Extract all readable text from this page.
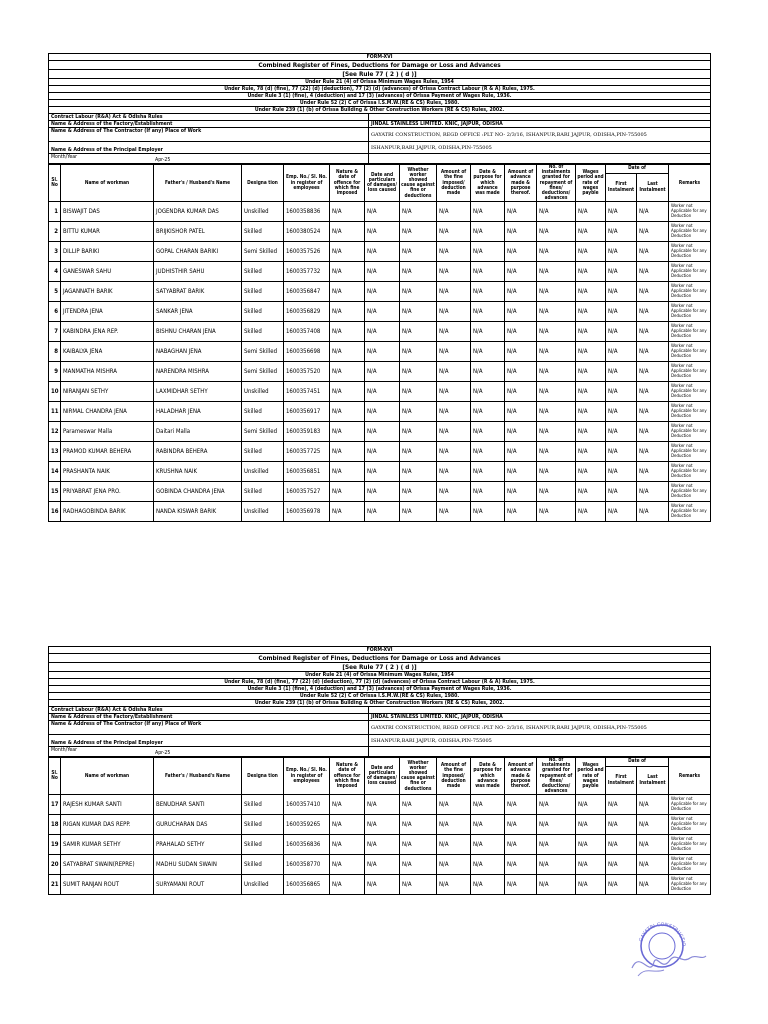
FORM-XVI	
Combined Register of Fines, Deductions for Damage or Loss and Advances	
[See Rule 77 ( 2 ) ( d )]	
Under Rule 21 (4) of Orissa Minimum Wages Rules, 1954	
Under Rule, 78 (d) (fine), 77 (22) (d) (deduction), 77 (2) (d) (advances) of Orissa Contract Labour (R & A) Rules, 1975.	
Under Rule 3 (1) (fine), 4 (deduction) and 17 (3) (advances) of Orissa Payment of Wages Rule, 1936.	
Under Rule 52 (2) C of Orissa I.S.M.W.(RE & CS) Rules, 1980.	
Under Rule 239 (1) (b) of Orissa Building & Other Construction Workers (RE & CS) Rules, 2002.	
Contract Labour (R&A) Act & Odisha Rules	
Name & Address of the Factory/Establishment	JINDAL STAINLESS LIMITED. KNIC, JAJPUR, ODISHA
Name & Address of The Contractor (If any) Place of Work	GAYATRI CONSTRUCTION, REGD OFFICE :PLT NO- 2/3/16, ISHANPUR,BARI JAJPUR, ODISHA,PIN-755005
Name & Address of the Principal Employer	ISHANPUR,BARI JAJPUR, ODISHA,PIN-755005

Month/Year Apr-25	

Sl. No	Name of workman	Father's / Husband's Name	Designa tion	Emp. No./ Sl. No. in register of employees	Nature & date of offence for which fine imposed	Date and particulars of damages/ loss caused	Whether worker showed cause against fine or deductions	Amount of the fine imposed/ deduction made	Date & purpose for which advance was made	Amount of advance made & purpose thereof.	No. of instalments granted for repayment of fines/ deductions/ advances	Wages period and rate of wages payble	Date of		Remarks
													First Instalment	Last Instalment	
1	BISWAJIT DAS	JOGENDRA KUMAR DAS	Unskilled	1600358836	N/A	N/A	N/A	N/A	N/A	N/A	N/A	N/A	N/A	N/A	Worker not Applicable for any Deduction
2	BITTU KUMAR	BRIJKISHOR PATEL	Skilled	1600380524	N/A	N/A	N/A	N/A	N/A	N/A	N/A	N/A	N/A	N/A	Worker not Applicable for any Deduction
3	DILLIP BARIKI	GOPAL CHARAN BARIKI	Semi Skilled	1600357526	N/A	N/A	N/A	N/A	N/A	N/A	N/A	N/A	N/A	N/A	Worker not Applicable for any Deduction
4	GANESWAR SAHU	JUDHISTHIR SAHU	Skilled	1600357732	N/A	N/A	N/A	N/A	N/A	N/A	N/A	N/A	N/A	N/A	Worker not Applicable for any Deduction
5	JAGANNATH BARIK	SATYABRAT BARIK	Skilled	1600356847	N/A	N/A	N/A	N/A	N/A	N/A	N/A	N/A	N/A	N/A	Worker not Applicable for any Deduction
6	JITENDRA JENA	SANKAR JENA	Skilled	1600356829	N/A	N/A	N/A	N/A	N/A	N/A	N/A	N/A	N/A	N/A	Worker not Applicable for any Deduction
7	KABINDRA JENA REP.	BISHNU CHARAN JENA	Skilled	1600357408	N/A	N/A	N/A	N/A	N/A	N/A	N/A	N/A	N/A	N/A	Worker not Applicable for any Deduction
8	KAIBALYA JENA	NABAGHAN JENA	Semi Skilled	1600356698	N/A	N/A	N/A	N/A	N/A	N/A	N/A	N/A	N/A	N/A	Worker not Applicable for any Deduction
9	MANMATHA MISHRA	NARENDRA MISHRA	Semi Skilled	1600357520	N/A	N/A	N/A	N/A	N/A	N/A	N/A	N/A	N/A	N/A	Worker not Applicable for any Deduction
10	NIRANJAN SETHY	LAXMIDHAR SETHY	Unskilled	1600357451	N/A	N/A	N/A	N/A	N/A	N/A	N/A	N/A	N/A	N/A	Worker not Applicable for any Deduction
11	NIRMAL CHANDRA JENA	HALADHAR JENA	Skilled	1600356917	N/A	N/A	N/A	N/A	N/A	N/A	N/A	N/A	N/A	N/A	Worker not Applicable for any Deduction
12	Parameswar Malla	Daitari Malla	Semi Skilled	1600359183	N/A	N/A	N/A	N/A	N/A	N/A	N/A	N/A	N/A	N/A	Worker not Applicable for any Deduction
13	PRAMOD KUMAR BEHERA	RABINDRA BEHERA	Skilled	1600357725	N/A	N/A	N/A	N/A	N/A	N/A	N/A	N/A	N/A	N/A	Worker not Applicable for any Deduction
14	PRASHANTA NAIK	KRUSHNA NAIK	Unskilled	1600356851	N/A	N/A	N/A	N/A	N/A	N/A	N/A	N/A	N/A	N/A	Worker not Applicable for any Deduction
15	PRIYABRAT JENA PRO.	GOBINDA CHANDRA JENA	Skilled	1600357527	N/A	N/A	N/A	N/A	N/A	N/A	N/A	N/A	N/A	N/A	Worker not Applicable for any Deduction
16	RADHAGOBINDA BARIK	NANDA KISWAR BARIK	Unskilled	1600356978	N/A	N/A	N/A	N/A	N/A	N/A	N/A	N/A	N/A	N/A	Worker not Applicable for any Deduction
FORM-XVI	
Combined Register of Fines, Deductions for Damage or Loss and Advances	
[See Rule 77 ( 2 ) ( d )]	
Under Rule 21 (4) of Orissa Minimum Wages Rules, 1954	
Under Rule, 78 (d) (fine), 77 (22) (d) (deduction), 77 (2) (d) (advances) of Orissa Contract Labour (R & A) Rules, 1975.	
Under Rule 3 (1) (fine), 4 (deduction) and 17 (3) (advances) of Orissa Payment of Wages Rule, 1936.	
Under Rule 52 (2) C of Orissa I.S.M.W.(RE & CS) Rules, 1980.	
Under Rule 239 (1) (b) of Orissa Building & Other Construction Workers (RE & CS) Rules, 2002.	
Contract Labour (R&A) Act & Odisha Rules	
Name & Address of the Factory/Establishment	JINDAL STAINLESS LIMITED. KNIC, JAJPUR, ODISHA
Name & Address of The Contractor (If any) Place of Work	GAYATRI CONSTRUCTION, REGD OFFICE :PLT NO- 2/3/16, ISHANPUR,BARI JAJPUR, ODISHA,PIN-755005
Name & Address of the Principal Employer	ISHANPUR,BARI JAJPUR, ODISHA,PIN-755005

Month/Year Apr-25	

Sl. No	Name of workman	Father's / Husband's Name	Designa tion	Emp. No./ Sl. No. in register of employees	Nature & date of offence for which fine imposed	Date and particulars of damages/ loss caused	Whether worker showed cause against fine or deductions	Amount of the fine imposed/ deduction made	Date & purpose for which advance was made	Amount of advance made & purpose thereof.	No. of instalments granted for repayment of fines/ deductions/ advances	Wages period and rate of wages payble	Date of		Remarks
													First Instalment	Last Instalment	
17	RAJESH KUMAR SANTI	BENUDHAR SANTI	Skilled	1600357410	N/A	N/A	N/A	N/A	N/A	N/A	N/A	N/A	N/A	N/A	Worker not Applicable for any Deduction
18	RIGAN KUMAR DAS REPP.	GURUCHARAN DAS	Skilled	1600359265	N/A	N/A	N/A	N/A	N/A	N/A	N/A	N/A	N/A	N/A	Worker not Applicable for any Deduction
19	SAMIR KUMAR SETHY	PRAHALAD SETHY	Skilled	1600356836	N/A	N/A	N/A	N/A	N/A	N/A	N/A	N/A	N/A	N/A	Worker not Applicable for any Deduction
20	SATYABRAT SWAIN(REPRE)	MADHU SUDAN SWAIN	Skilled	1600358770	N/A	N/A	N/A	N/A	N/A	N/A	N/A	N/A	N/A	N/A	Worker not Applicable for any Deduction
21	SUMIT RANJAN ROUT	SURYAMANI ROUT	Unskilled	1600356865	N/A	N/A	N/A	N/A	N/A	N/A	N/A	N/A	N/A	N/A	Worker not Applicable for any Deduction
GAYATRI CONSTRUCTIO
